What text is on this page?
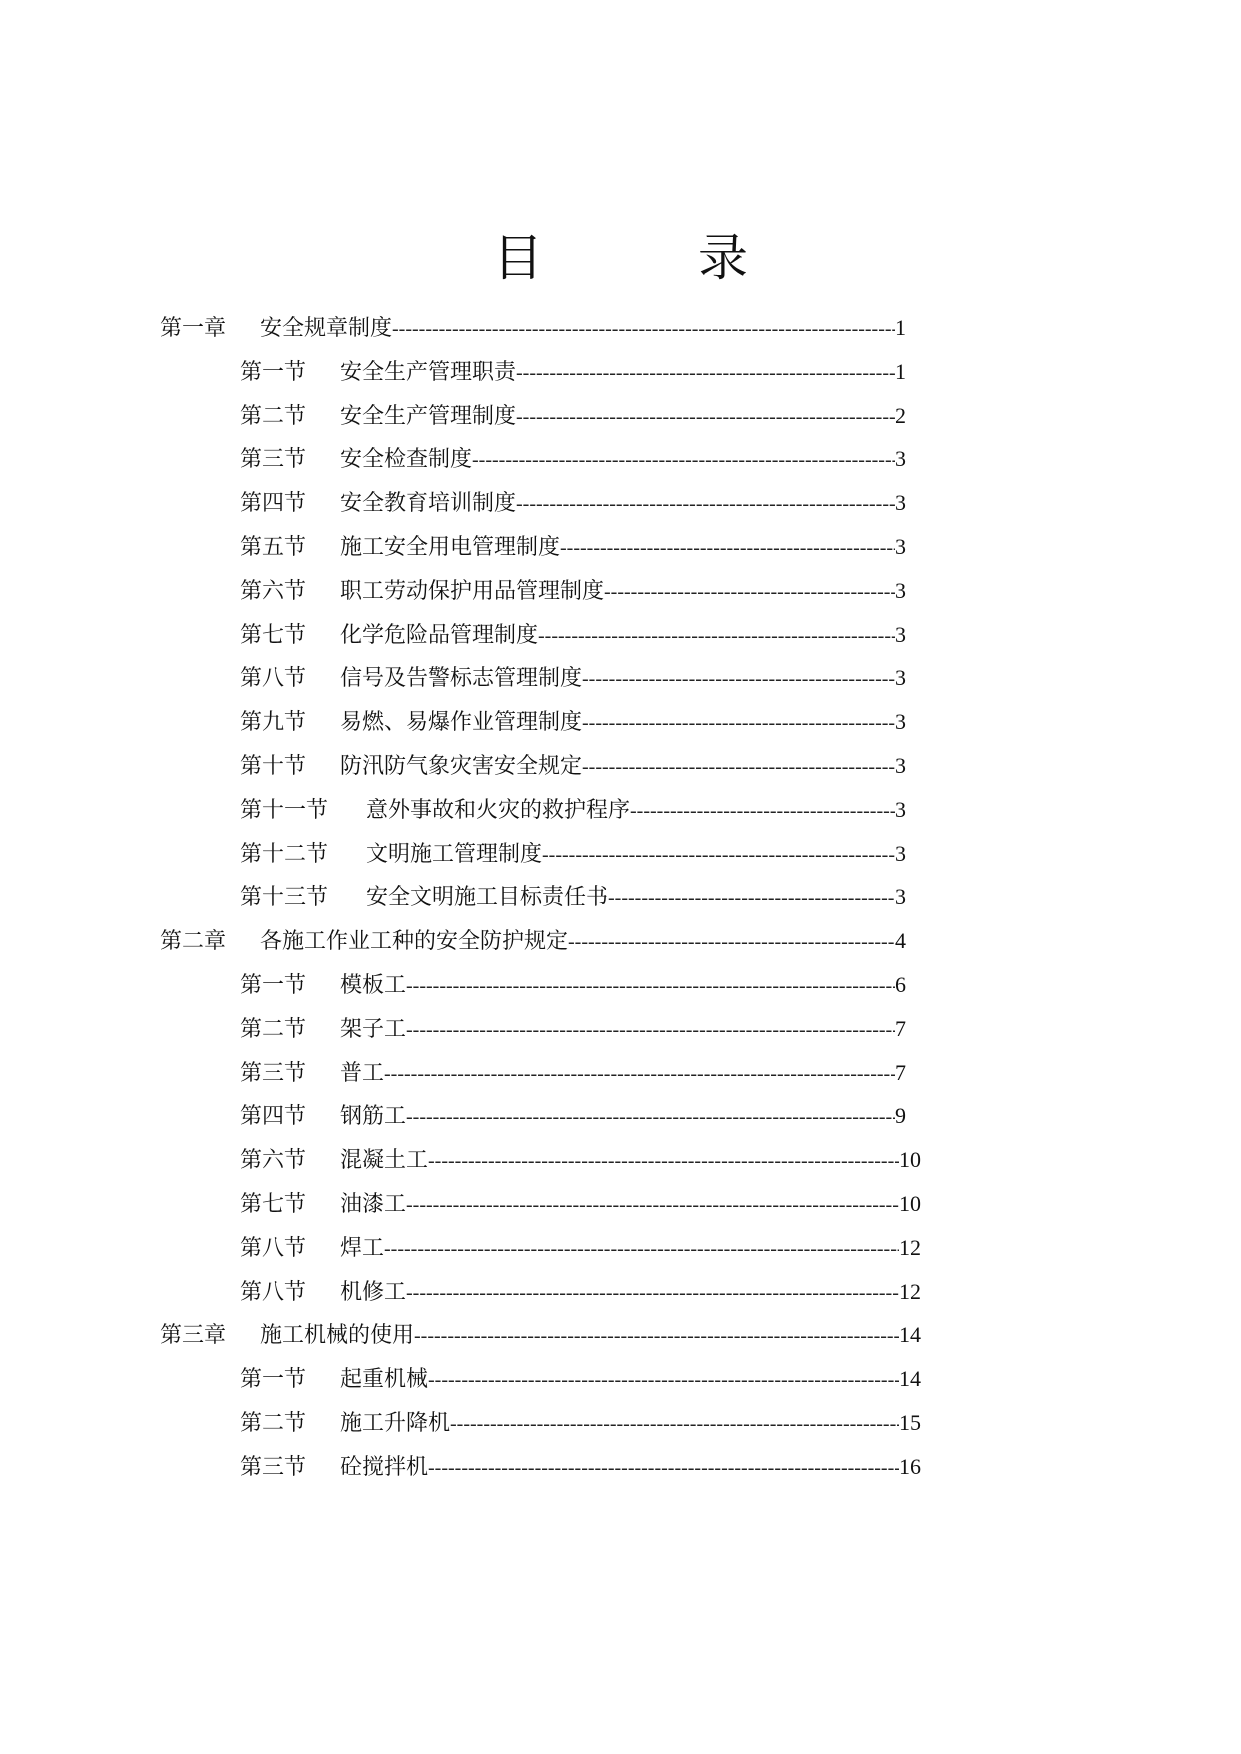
目	录
第一章	安全规章制度 -----	1
第一节	安全生产管理职责 -----	1
第二节	安全生产管理制度 -----	2
第三节	安全检查制度 -----	3
第四节	安全教育培训制度 -----	3
第五节	施工安全用电管理制度 -----	3
第六节	职工劳动保护用品管理制度 -----	3
第七节	化学危险品管理制度 -----	3
第八节	信号及告警标志管理制度 -----	3
第九节	易燃、易爆作业管理制度 -----	3
第十节	防汛防气象灾害安全规定 -----	3
第十一节	意外事故和火灾的救护程序 -----	3
第十二节	文明施工管理制度 -----	3
第十三节	安全文明施工目标责任书 -----	3
第二章	各施工作业工种的安全防护规定 -----	4
第一节	模板工 -----	6
第二节	架子工 -----	7
第三节	普工 -----	7
第四节	钢筋工 -----	9
第六节	混凝土工 -----	10
第七节	油漆工 -----	10
第八节	焊工 -----	12
第八节	机修工 -----	12
第三章	施工机械的使用 -----	14
第一节	起重机械 -----	14
第二节	施工升降机 -----	15
第三节	砼搅拌机 -----	16
